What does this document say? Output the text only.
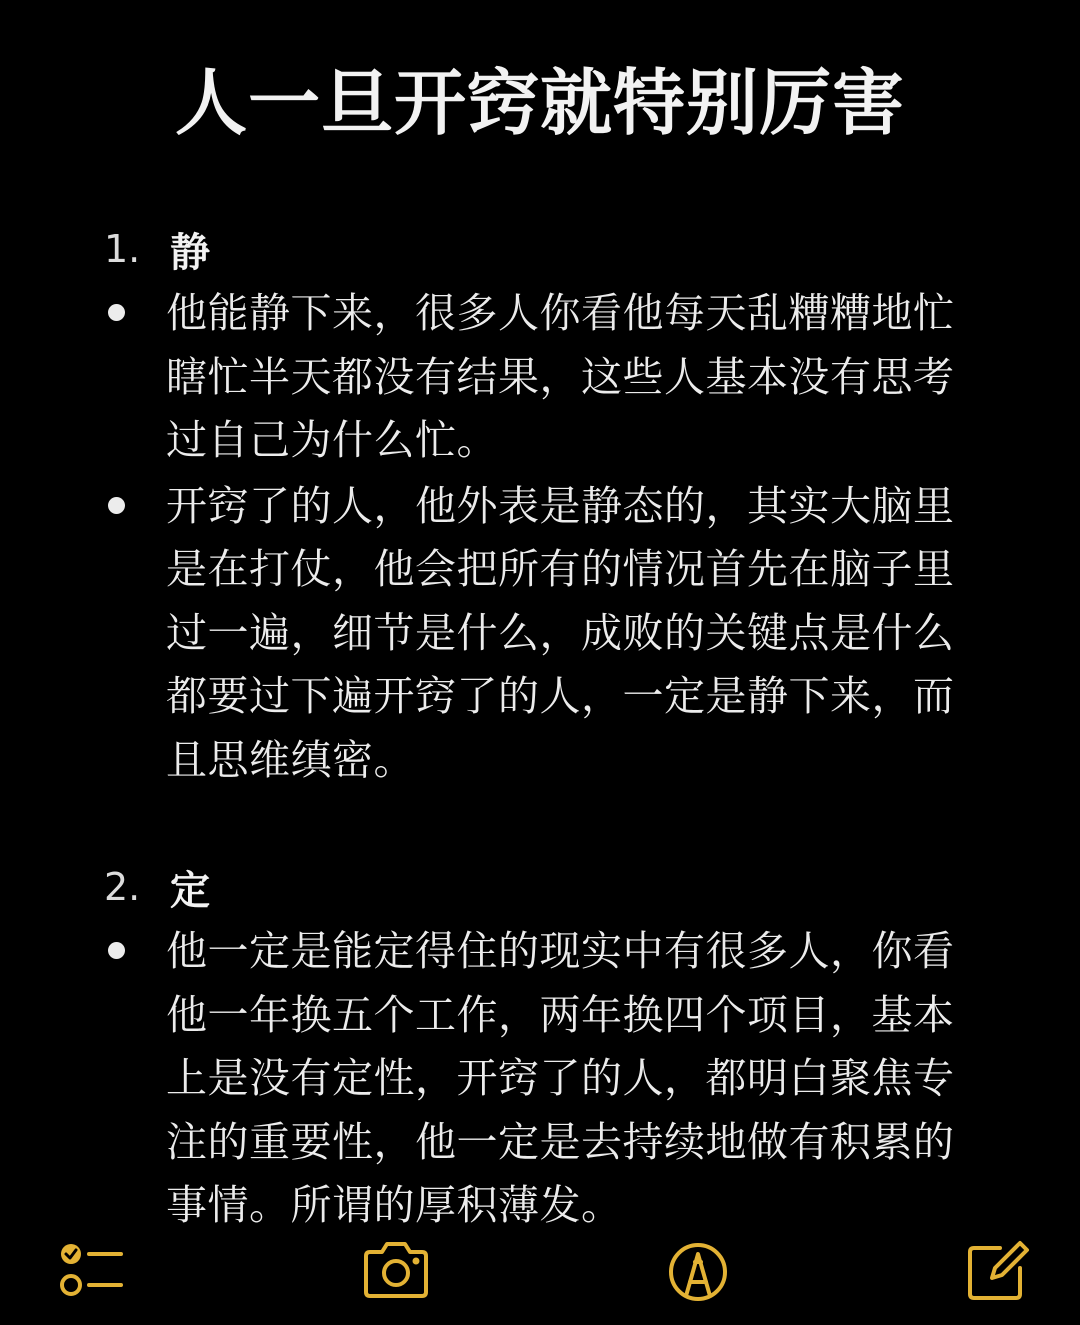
人一旦开窍就特别厉害
1. 静
他能静下来，很多人你看他每天乱糟糟地忙瞎忙半天都没有结果，这些人基本没有思考过自己为什么忙。
开窍了的人，他外表是静态的，其实大脑里是在打仗，他会把所有的情况首先在脑子里过一遍，细节是什么，成败的关键点是什么都要过下遍开窍了的人，一定是静下来，而且思维缜密。
2. 定
他一定是能定得住的现实中有很多人，你看他一年换五个工作，两年换四个项目，基本上是没有定性，开窍了的人，都明白聚焦专注的重要性，他一定是去持续地做有积累的事情。所谓的厚积薄发。
